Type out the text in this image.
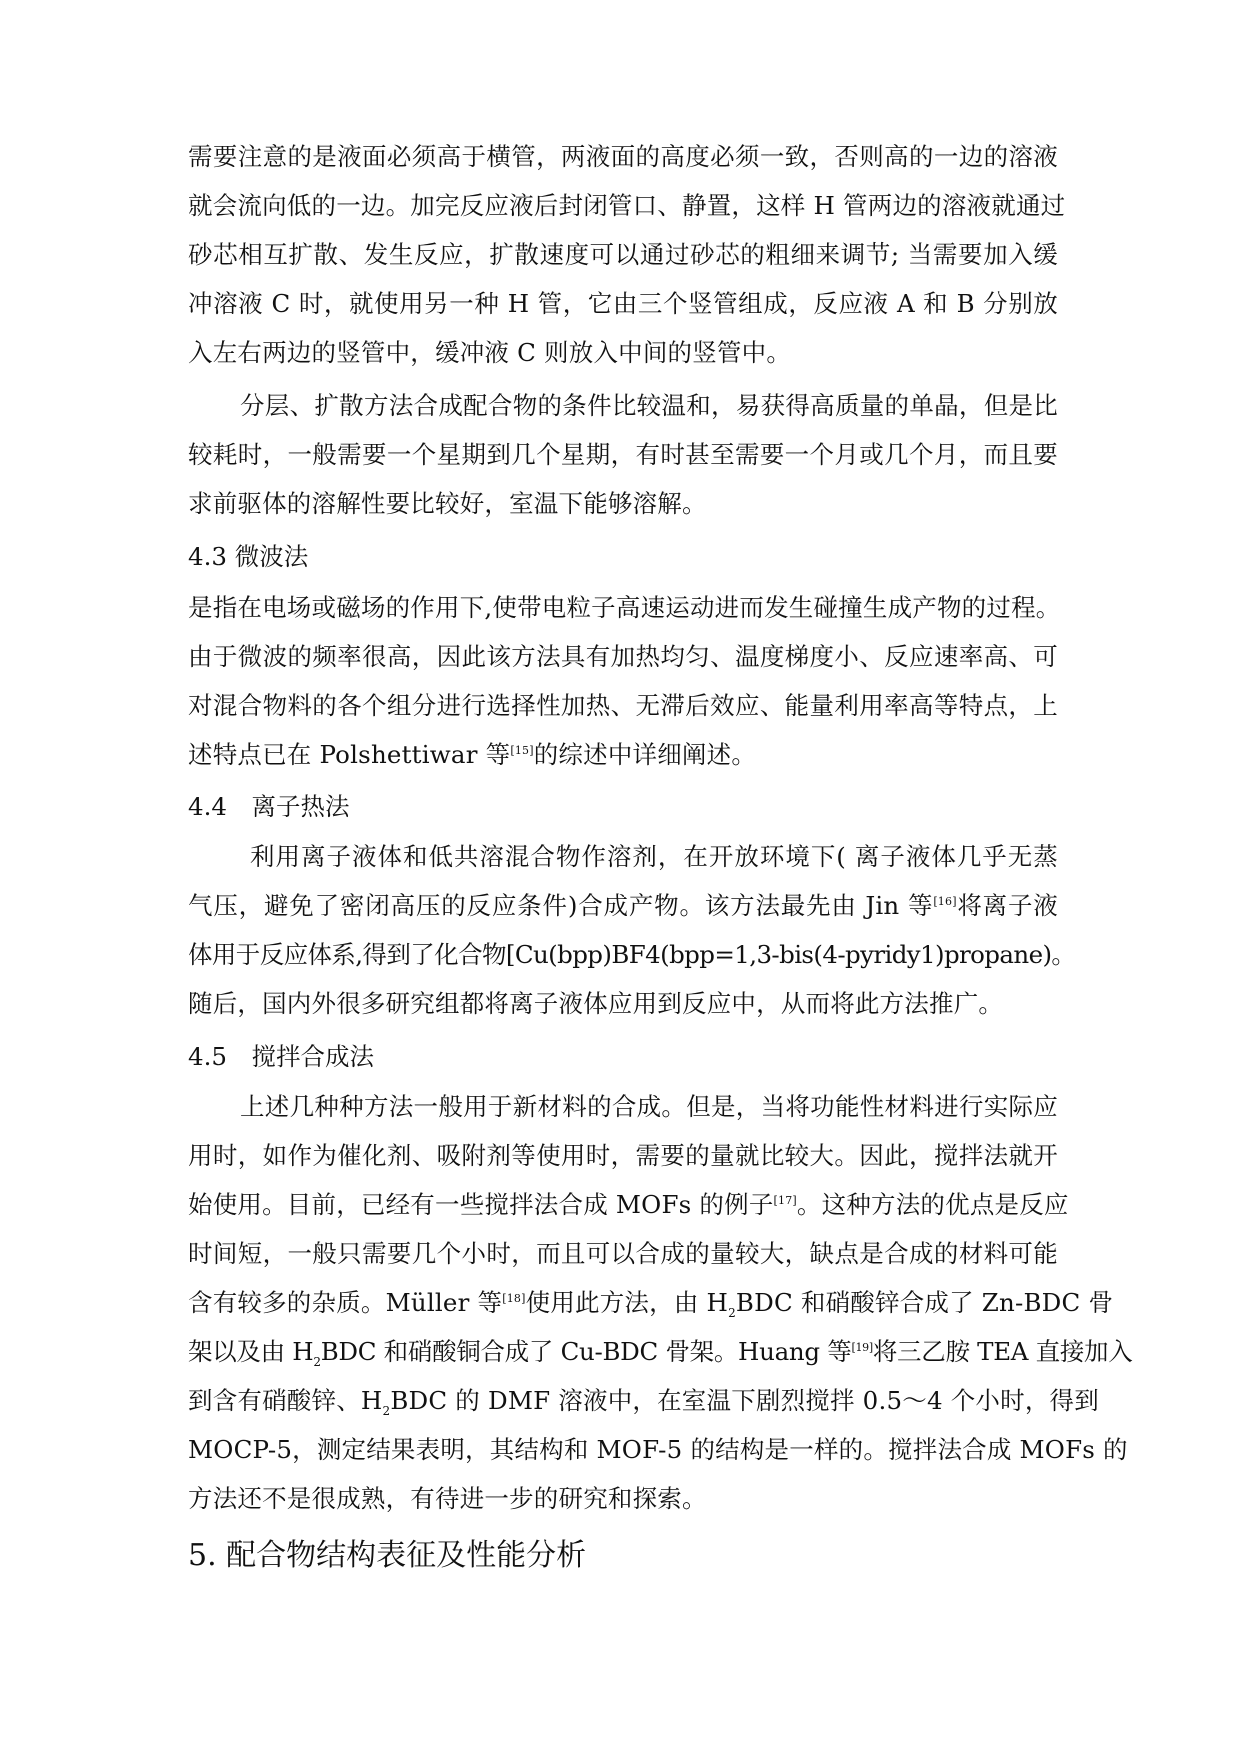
需要注意的是液面必须高于横管，两液面的高度必须一致，否则高的一边的溶液
就会流向低的一边。加完反应液后封闭管口、静置，这样 H 管两边的溶液就通过
砂芯相互扩散、发生反应，扩散速度可以通过砂芯的粗细来调节; 当需要加入缓
冲溶液 C 时，就使用另一种 H 管，它由三个竖管组成，反应液 A 和 B 分别放
入左右两边的竖管中，缓冲液 C 则放入中间的竖管中。
分层、扩散方法合成配合物的条件比较温和，易获得高质量的单晶，但是比
较耗时，一般需要一个星期到几个星期，有时甚至需要一个月或几个月，而且要
求前驱体的溶解性要比较好，室温下能够溶解。
4.3 微波法
是指在电场或磁场的作用下,使带电粒子高速运动进而发生碰撞生成产物的过程。
由于微波的频率很高，因此该方法具有加热均匀、温度梯度小、反应速率高、可
对混合物料的各个组分进行选择性加热、无滞后效应、能量利用率高等特点，上
述特点已在 Polshettiwar 等[15]的综述中详细阐述。
4.4　离子热法
利用离子液体和低共溶混合物作溶剂，在开放环境下( 离子液体几乎无蒸
气压，避免了密闭高压的反应条件)合成产物。该方法最先由 Jin 等[16]将离子液
体用于反应体系,得到了化合物[Cu(bpp)BF4(bpp=1,3-bis(4-pyridy1)propane)。
随后，国内外很多研究组都将离子液体应用到反应中，从而将此方法推广。
4.5　搅拌合成法
上述几种种方法一般用于新材料的合成。但是，当将功能性材料进行实际应
用时，如作为催化剂、吸附剂等使用时，需要的量就比较大。因此，搅拌法就开
始使用。目前，已经有一些搅拌法合成 MOFs 的例子[17]。这种方法的优点是反应
时间短，一般只需要几个小时，而且可以合成的量较大，缺点是合成的材料可能
含有较多的杂质。Müller 等[18]使用此方法，由 $H_2BDC$ 和硝酸锌合成了 Zn-BDC 骨
架以及由 $H_2BDC$ 和硝酸铜合成了 Cu-BDC 骨架。Huang 等[19]将三乙胺 TEA 直接加入
到含有硝酸锌、$H_2BDC$ 的 DMF 溶液中，在室温下剧烈搅拌 0.5～4 个小时，得到
MOCP-5，测定结果表明，其结构和 MOF-5 的结构是一样的。搅拌法合成 MOFs 的
方法还不是很成熟，有待进一步的研究和探索。
5. 配合物结构表征及性能分析
